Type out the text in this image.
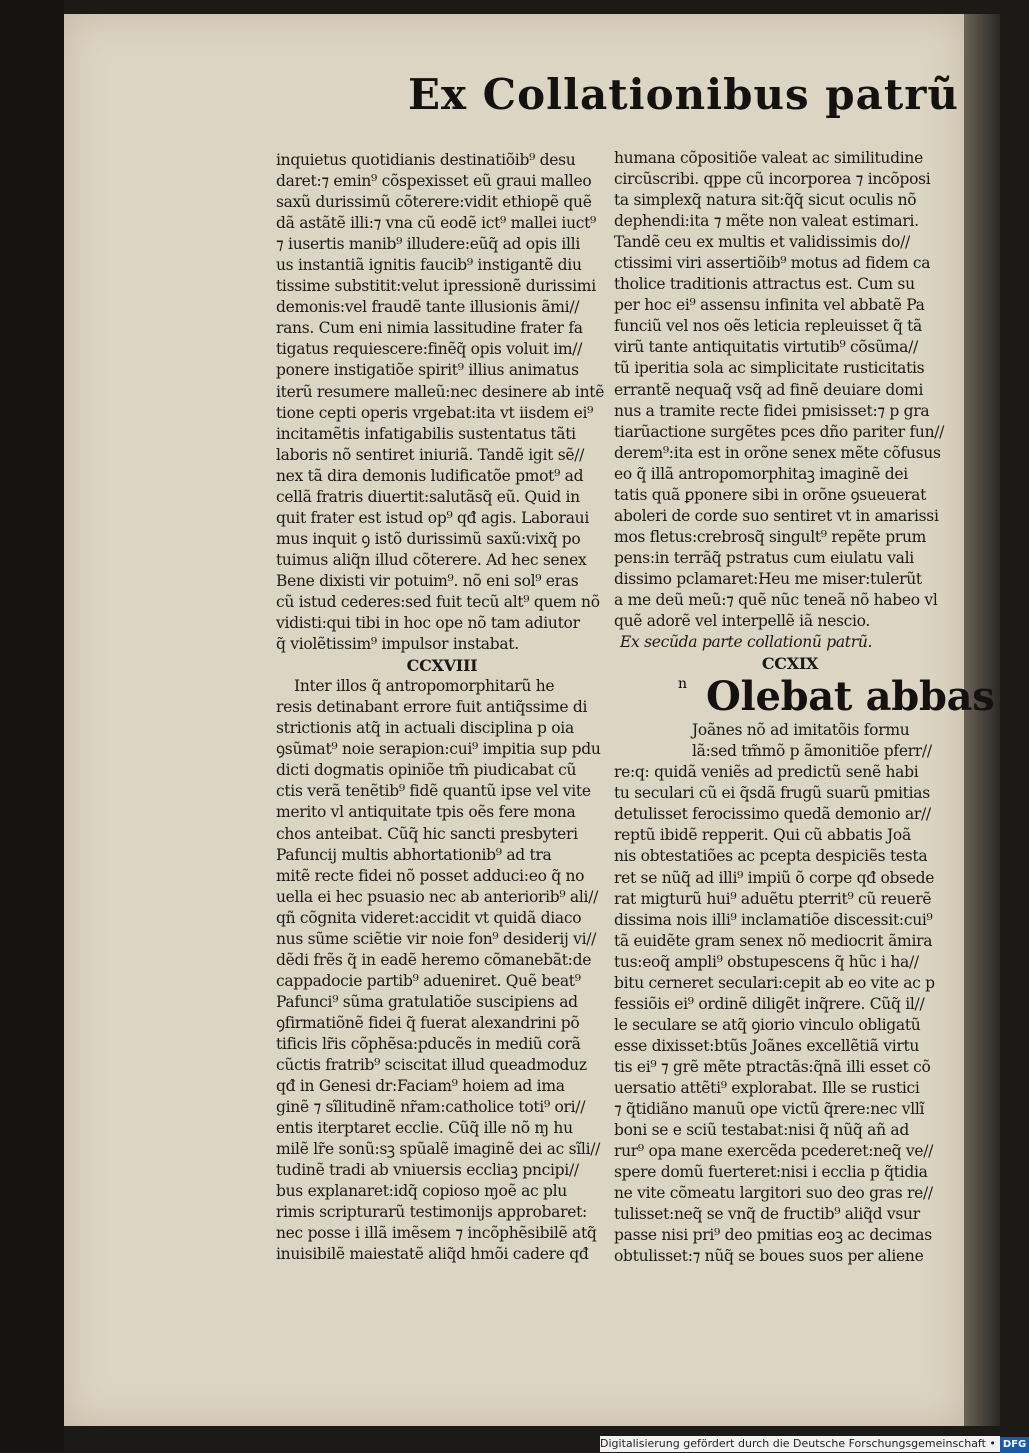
Ex Collationibus patrũ
inquietus quotidianis destinatiõib⁹ desu
daret:⁊ emin⁹ cõspexisset eũ graui malleo
saxũ durissimũ cõterere:vidit ethiopẽ quẽ
dã astãtẽ illi:⁊ vna cũ eodẽ ict⁹ mallei iuct⁹
⁊ iusertis manib⁹ illudere:eũq̃ ad opis illi
us instantiã ignitis faucib⁹ instigantẽ diu
tissime substitit:velut ipressionẽ durissimi
demonis:vel fraudẽ tante illusionis ãmi//
rans. Cum eni nimia lassitudine frater fa
tigatus requiescere:finẽq̃ opis voluit im//
ponere instigatiõe spirit⁹ illius animatus
iterũ resumere malleũ:nec desinere ab intẽ
tione cepti operis vrgebat:ita vt iisdem ei⁹
incitamẽtis infatigabilis sustentatus tãti
laboris nõ sentiret iniuriã. Tandẽ igit sẽ//
nex tã dira demonis ludificatõe pmot⁹ ad
cellã fratris diuertit:salutãsq̃ eũ. Quid in
quit frater est istud op⁹ qđ agis. Laboraui
mus inquit ꝯ istõ durissimũ saxũ:vixq̃ po
tuimus aliq̃n illud cõterere. Ad hec senex
Bene dixisti vir potuim⁹. nõ eni sol⁹ eras
cũ istud cederes:sed fuit tecũ alt⁹ quem nõ
vidisti:qui tibi in hoc ope nõ tam adiutor
q̃ violẽtissim⁹ impulsor instabat.
CCXVIII
Inter illos q̃ antropomorphitarũ he
resis detinabant errore fuit antiq̃ssime di
strictionis atq̃ in actuali disciplina p oia
ꝯsũmat⁹ noie serapion:cui⁹ impitia sup pdu
dicti dogmatis opiniõe tm̃ piudicabat cũ
ctis verã tenẽtib⁹ fidẽ quantũ ipse vel vite
merito vl antiquitate tpis oẽs fere mona
chos anteibat. Cũq̃ hic sancti presbyteri
Pafuncij multis abhortationib⁹ ad tra
mitẽ recte fidei nõ posset adduci:eo q̃ no
uella ei hec psuasio nec ab anteriorib⁹ ali//
qñ cõgnita videret:accidit vt quidã diaco
nus sũme sciẽtie vir noie fon⁹ desiderij vi//
dẽdi frẽs q̃ in eadẽ heremo cõmanebãt:de
cappadocie partib⁹ adueniret. Quẽ beat⁹
Pafunci⁹ sũma gratulatiõe suscipiens ad
ꝯfirmatiõnẽ fidei q̃ fuerat alexandrini põ
tificis lr̃is cõphẽsa:pducẽs in mediũ corã
cũctis fratrib⁹ sciscitat illud queadmoduz
qđ in Genesi dr:Faciam⁹ hoiem ad ima
ginẽ ⁊ sĩlitudinẽ nr̃am:catholice toti⁹ ori//
entis iterptaret ecclie. Cũq̃ ille nõ ɱ hu
milẽ lr̃e sonũ:sꝫ spũalẽ imaginẽ dei ac sĩli//
tudinẽ tradi ab vniuersis eccliaꝫ pncipi//
bus explanaret:idq̃ copioso ɱoẽ ac plu
rimis scripturarũ testimonijs approbaret:
nec posse i illã imẽsem ⁊ incõphẽsibilẽ atq̃
inuisibilẽ maiestatẽ aliq̃d hmõi cadere qđ
humana cõpositiõe valeat ac similitudine
circũscribi. qppe cũ incorporea ⁊ incõposi
ta simplexq̃ natura sit:q̃q̃ sicut oculis nõ
dephendi:ita ⁊ mẽte non valeat estimari.
Tandẽ ceu ex multis et validissimis do//
ctissimi viri assertiõib⁹ motus ad fidem ca
tholice traditionis attractus est. Cum su
per hoc ei⁹ assensu infinita vel abbatẽ Pa
funciũ vel nos oẽs leticia repleuisset q̃ tã
virũ tante antiquitatis virtutib⁹ cõsũma//
tũ iperitia sola ac simplicitate rusticitatis
errantẽ nequaq̃ vsq̃ ad finẽ deuiare domi
nus a tramite recte fidei pmisisset:⁊ p gra
tiarũactione surgẽtes pces dño pariter fun//
derem⁹:ita est in orõne senex mẽte cõfusus
eo q̃ illã antropomorphitaꝫ imaginẽ dei
tatis quã ꝑponere sibi in orõne ꝯsueuerat
aboleri de corde suo sentiret vt in amarissi
mos fletus:crebrosq̃ singult⁹ repẽte prum
pens:in terrãq̃ pstratus cum eiulatu vali
dissimo pclamaret:Heu me miser:tulerũt
a me deũ meũ:⁊ quẽ nũc teneã nõ habeo vl
quẽ adorẽ vel interpellẽ iã nescio.
Ex secũda parte collationũ patrũ.
CCXIX
Olebat abbas
Joãnes nõ ad imitatõis formu
lã:sed tm̃mõ p ãmonitiõe pferr//
re:q: quidã veniẽs ad predictũ senẽ habi
tu seculari cũ ei q̃sdã frugũ suarũ pmitias
detulisset ferocissimo quedã demonio ar//
reptũ ibidẽ repperit. Qui cũ abbatis Joã
nis obtestatiões ac pcepta despiciẽs testa
ret se nũq̃ ad illi⁹ impiũ õ corpe qđ obsede
rat migturũ hui⁹ aduẽtu pterrit⁹ cũ reuerẽ
dissima nois illi⁹ inclamatiõe discessit:cui⁹
tã euidẽte gram senex nõ mediocrit ãmira
tus:eoq̃ ampli⁹ obstupescens q̃ hũc i ha//
bitu cerneret seculari:cepit ab eo vite ac p
fessiõis ei⁹ ordinẽ diligẽt inq̃rere. Cũq̃ il//
le seculare se atq̃ ꝯiorio vinculo obligatũ
esse dixisset:btũs Joãnes excellẽtiã virtu
tis ei⁹ ⁊ grẽ mẽte ptractãs:q̃nã illi esset cõ
uersatio attẽti⁹ explorabat. Ille se rustici
⁊ q̃tidiãno manuũ ope victũ q̃rere:nec vllĩ
boni se e sciũ testabat:nisi q̃ nũq̃ añ ad
rur⁹ opa mane exercẽda pcederet:neq̃ ve//
spere domũ fuerteret:nisi i ecclia p q̃tidia
ne vite cõmeatu largitori suo deo gras re//
tulisset:neq̃ se vnq̃ de fructib⁹ aliq̃d vsur
passe nisi pri⁹ deo pmitias eoꝫ ac decimas
obtulisset:⁊ nũq̃ se boues suos per aliene
n
Digitalisierung gefördert durch die Deutsche Forschungsgemeinschaft • DFG
